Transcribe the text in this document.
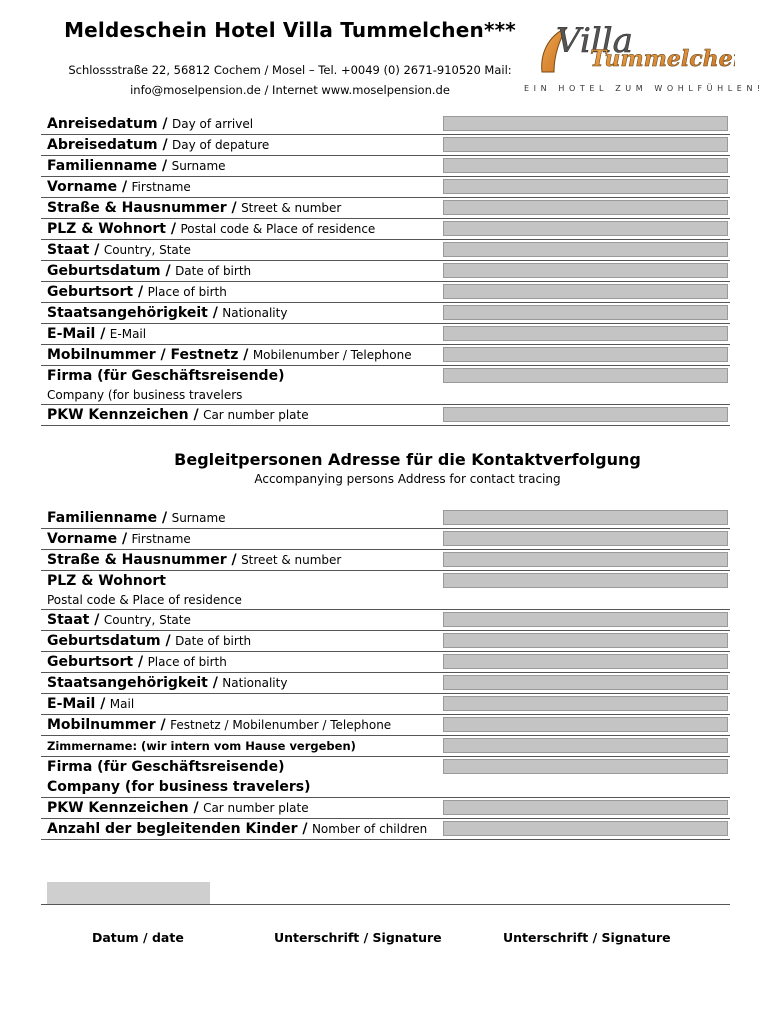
Meldeschein Hotel Villa Tummelchen***
Schlossstraße 22, 56812 Cochem / Mosel – Tel. +0049 (0) 2671-910520 Mail:
info@moselpension.de / Internet www.moselpension.de
Villa
Tummelchen
EIN HOTEL ZUM WOHLFÜHLEN!
Anreisedatum / Day of arrivel
Abreisedatum / Day of depature
Familienname / Surname
Vorname / Firstname
Straße & Hausnummer / Street & number
PLZ & Wohnort / Postal code & Place of residence
Staat / Country, State
Geburtsdatum / Date of birth
Geburtsort / Place of birth
Staatsangehörigkeit / Nationality
E-Mail / E-Mail
Mobilnummer / Festnetz / Mobilenumber / Telephone
Firma (für Geschäftsreisende)
Company (for business travelers
PKW Kennzeichen / Car number plate
Begleitpersonen Adresse für die Kontaktverfolgung
Accompanying persons Address for contact tracing
Familienname / Surname
Vorname / Firstname
Straße & Hausnummer / Street & number
PLZ & Wohnort
Postal code & Place of residence
Staat / Country, State
Geburtsdatum / Date of birth
Geburtsort / Place of birth
Staatsangehörigkeit / Nationality
E-Mail / Mail
Mobilnummer / Festnetz / Mobilenumber / Telephone
Zimmername: (wir intern vom Hause vergeben)
Firma (für Geschäftsreisende)
Company (for business travelers)
PKW Kennzeichen / Car number plate
Anzahl der begleitenden Kinder / Nomber of children
Datum / date	Unterschrift / Signature	Unterschrift / Signature
